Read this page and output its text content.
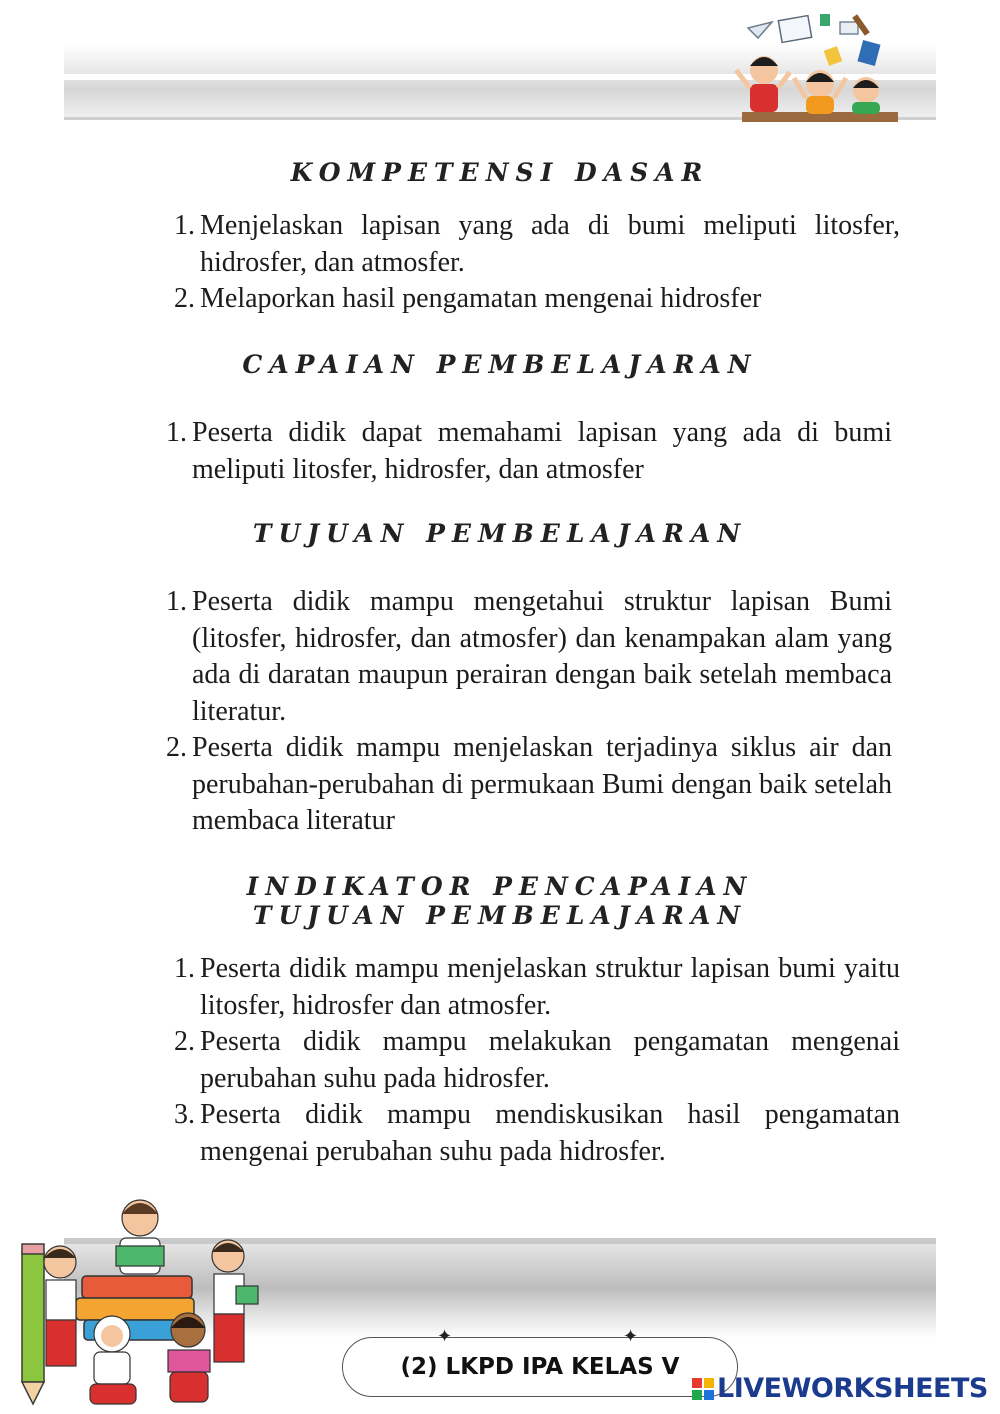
KOMPETENSI DASAR
1. Menjelaskan lapisan yang ada di bumi meliputi litosfer, hidrosfer, dan atmosfer.
2. Melaporkan hasil pengamatan mengenai hidrosfer
CAPAIAN PEMBELAJARAN
1. Peserta didik dapat memahami lapisan yang ada di bumi meliputi litosfer, hidrosfer, dan atmosfer
TUJUAN PEMBELAJARAN
1. Peserta didik mampu mengetahui struktur lapisan Bumi (litosfer, hidrosfer, dan atmosfer) dan kenampakan alam yang ada di daratan maupun perairan dengan baik setelah membaca literatur.
2. Peserta didik mampu menjelaskan terjadinya siklus air dan perubahan-perubahan di permukaan Bumi dengan baik setelah membaca literatur
INDIKATOR PENCAPAIAN
TUJUAN PEMBELAJARAN
1. Peserta didik mampu menjelaskan struktur lapisan bumi yaitu litosfer, hidrosfer dan atmosfer.
2. Peserta didik mampu melakukan pengamatan mengenai perubahan suhu pada hidrosfer.
3. Peserta didik mampu mendiskusikan hasil pengamatan mengenai perubahan suhu pada hidrosfer.
(2) LKPD IPA KELAS V
✦	✦
LIVEWORKSHEETS
